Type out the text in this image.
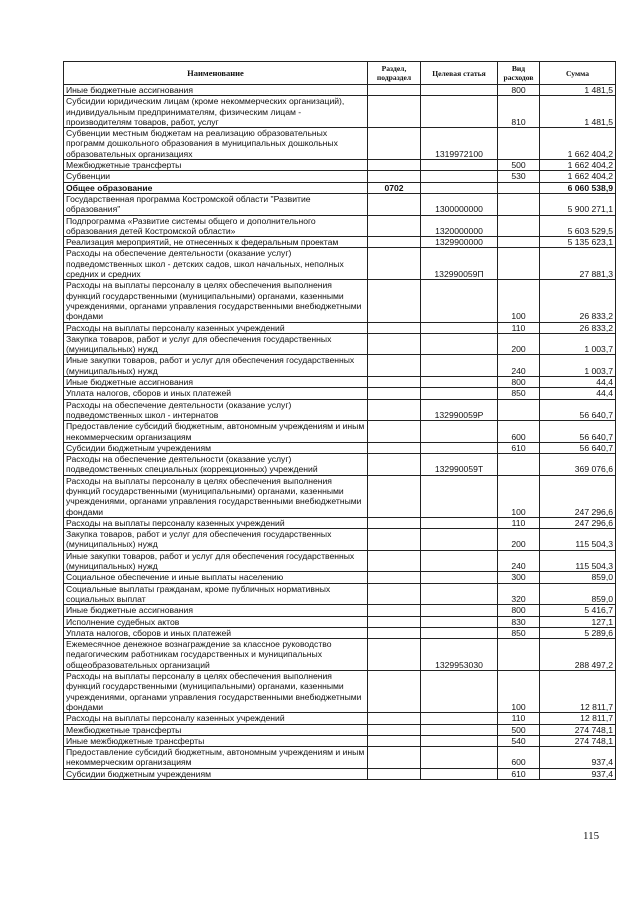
Наименование	Раздел, подраздел	Целевая статья	Вид расходов	Сумма
Иные бюджетные ассигнования			800	1 481,5
Субсидии юридическим лицам (кроме некоммерческих организаций), индивидуальным предпринимателям, физическим лицам - производителям товаров, работ, услуг			810	1 481,5
Субвенции местным бюджетам на реализацию образовательных программ дошкольного образования в муниципальных дошкольных образовательных организациях		1319972100		1 662 404,2
Межбюджетные трансферты			500	1 662 404,2
Субвенции			530	1 662 404,2
Общее образование	0702			6 060 538,9
Государственная программа Костромской области "Развитие образования"		1300000000		5 900 271,1
Подпрограмма «Развитие системы общего и дополнительного образования детей Костромской области»		1320000000		5 603 529,5
Реализация мероприятий, не отнесенных к федеральным проектам		1329900000		5 135 623,1
Расходы на обеспечение деятельности (оказание услуг) подведомственных школ - детских садов, школ начальных, неполных средних и средних		132990059П		27 881,3
Расходы на выплаты персоналу в целях обеспечения выполнения функций государственными (муниципальными) органами, казенными учреждениями, органами управления государственными внебюджетными фондами			100	26 833,2
Расходы на выплаты персоналу казенных учреждений			110	26 833,2
Закупка товаров, работ и услуг для обеспечения государственных (муниципальных) нужд			200	1 003,7
Иные закупки товаров, работ и услуг для обеспечения государственных (муниципальных) нужд			240	1 003,7
Иные бюджетные ассигнования			800	44,4
Уплата налогов, сборов и иных платежей			850	44,4
Расходы на обеспечение деятельности (оказание услуг) подведомственных школ - интернатов		132990059Р		56 640,7
Предоставление субсидий бюджетным, автономным учреждениям и иным некоммерческим организациям			600	56 640,7
Субсидии бюджетным учреждениям			610	56 640,7
Расходы на обеспечение деятельности (оказание услуг) подведомственных специальных (коррекционных) учреждений		132990059Т		369 076,6
Расходы на выплаты персоналу в целях обеспечения выполнения функций государственными (муниципальными) органами, казенными учреждениями, органами управления государственными внебюджетными фондами			100	247 296,6
Расходы на выплаты персоналу казенных учреждений			110	247 296,6
Закупка товаров, работ и услуг для обеспечения государственных (муниципальных) нужд			200	115 504,3
Иные закупки товаров, работ и услуг для обеспечения государственных (муниципальных) нужд			240	115 504,3
Социальное обеспечение и иные выплаты населению			300	859,0
Социальные выплаты гражданам, кроме публичных нормативных социальных выплат			320	859,0
Иные бюджетные ассигнования			800	5 416,7
Исполнение судебных актов			830	127,1
Уплата налогов, сборов и иных платежей			850	5 289,6
Ежемесячное денежное вознаграждение за классное руководство педагогическим работникам государственных и муниципальных общеобразовательных организаций		1329953030		288 497,2
Расходы на выплаты персоналу в целях обеспечения выполнения функций государственными (муниципальными) органами, казенными учреждениями, органами управления государственными внебюджетными фондами			100	12 811,7
Расходы на выплаты персоналу казенных учреждений			110	12 811,7
Межбюджетные трансферты			500	274 748,1
Иные межбюджетные трансферты			540	274 748,1
Предоставление субсидий бюджетным, автономным учреждениям и иным некоммерческим организациям			600	937,4
Субсидии бюджетным учреждениям			610	937,4
115
